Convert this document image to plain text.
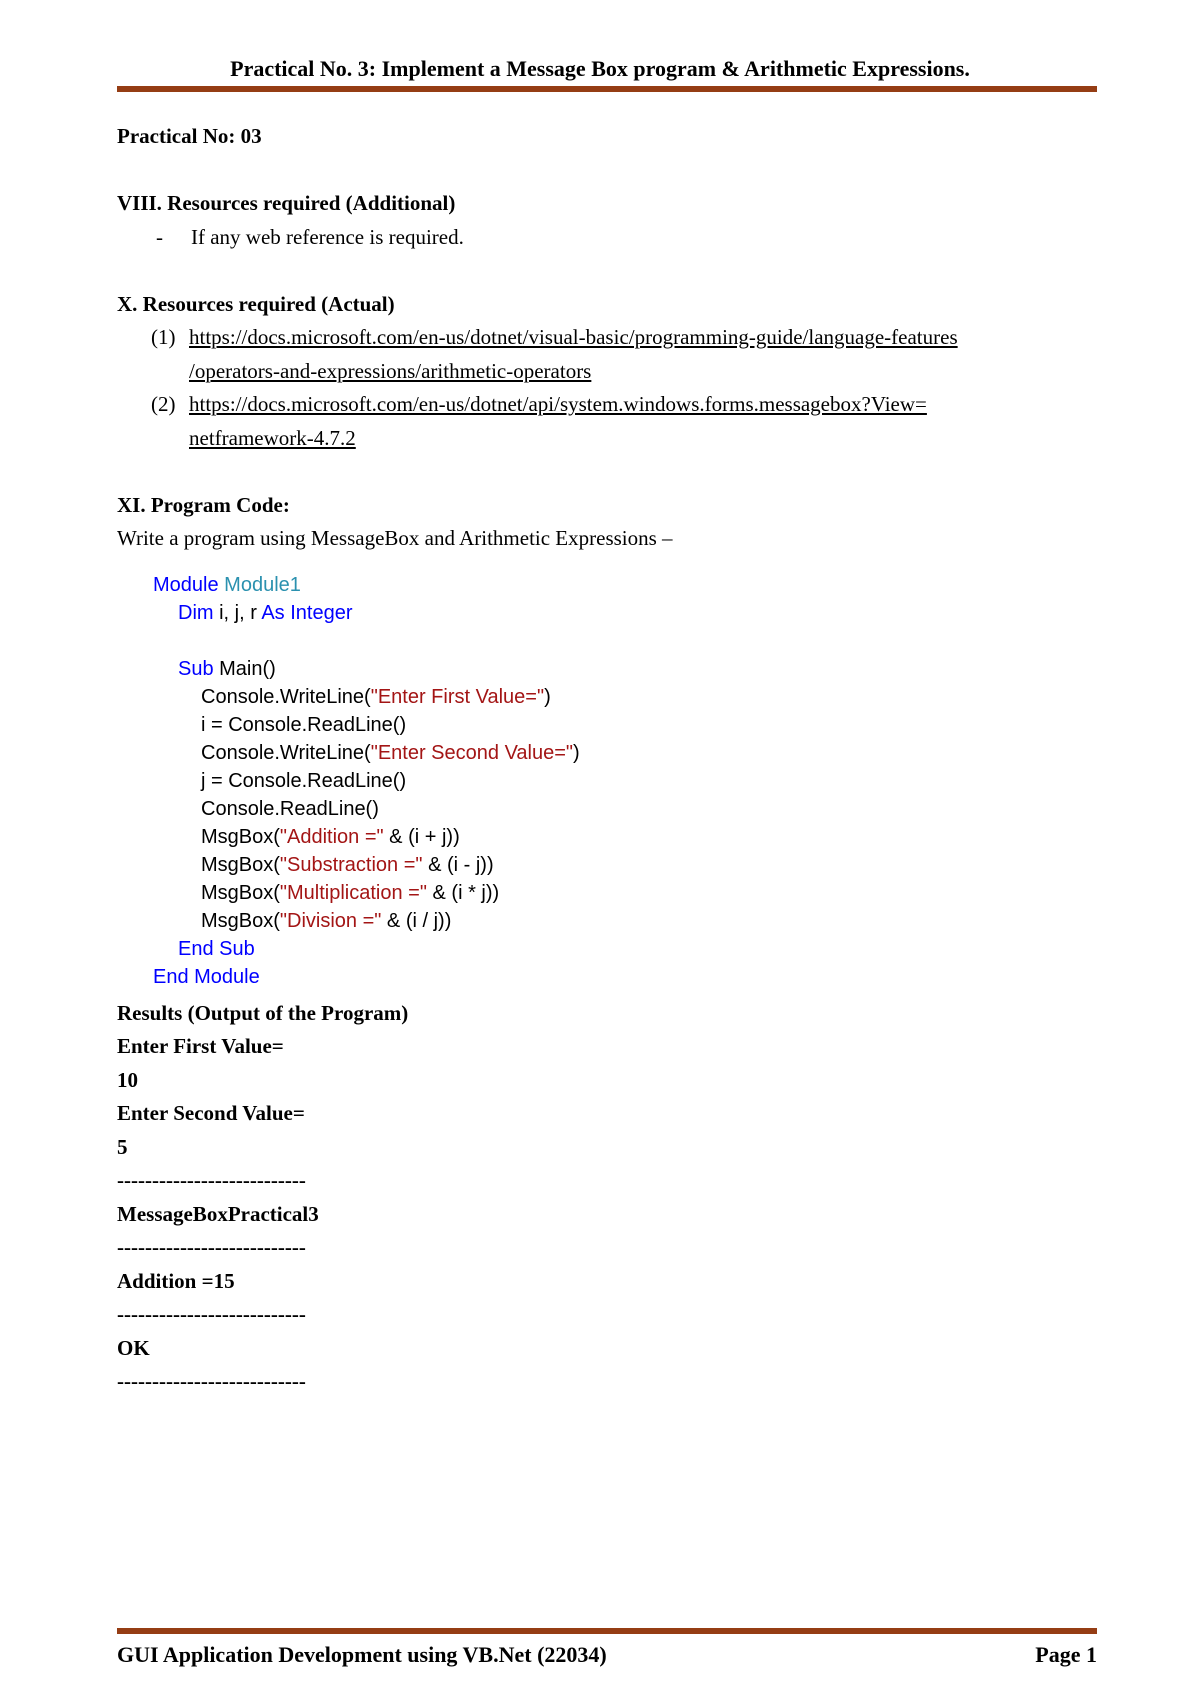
Practical No. 3: Implement a Message Box program & Arithmetic Expressions.
Practical No: 03
VIII. Resources required (Additional)
- If any web reference is required.
X. Resources required (Actual)
(1) https://docs.microsoft.com/en-us/dotnet/visual-basic/programming-guide/language-features
/operators-and-expressions/arithmetic-operators
(2) https://docs.microsoft.com/en-us/dotnet/api/system.windows.forms.messagebox?View=
netframework-4.7.2
XI. Program Code:
Write a program using MessageBox and Arithmetic Expressions –
Module Module1
Dim i, j, r As Integer
Sub Main()
Console.WriteLine("Enter First Value=")
i = Console.ReadLine()
Console.WriteLine("Enter Second Value=")
j = Console.ReadLine()
Console.ReadLine()
MsgBox("Addition =" & (i + j))
MsgBox("Substraction =" & (i - j))
MsgBox("Multiplication =" & (i * j))
MsgBox("Division =" & (i / j))
End Sub
End Module
Results (Output of the Program)
Enter First Value=
10
Enter Second Value=
5
---------------------------
MessageBoxPractical3
---------------------------
Addition =15
---------------------------
OK
---------------------------
GUI Application Development using VB.Net (22034)	Page 1
